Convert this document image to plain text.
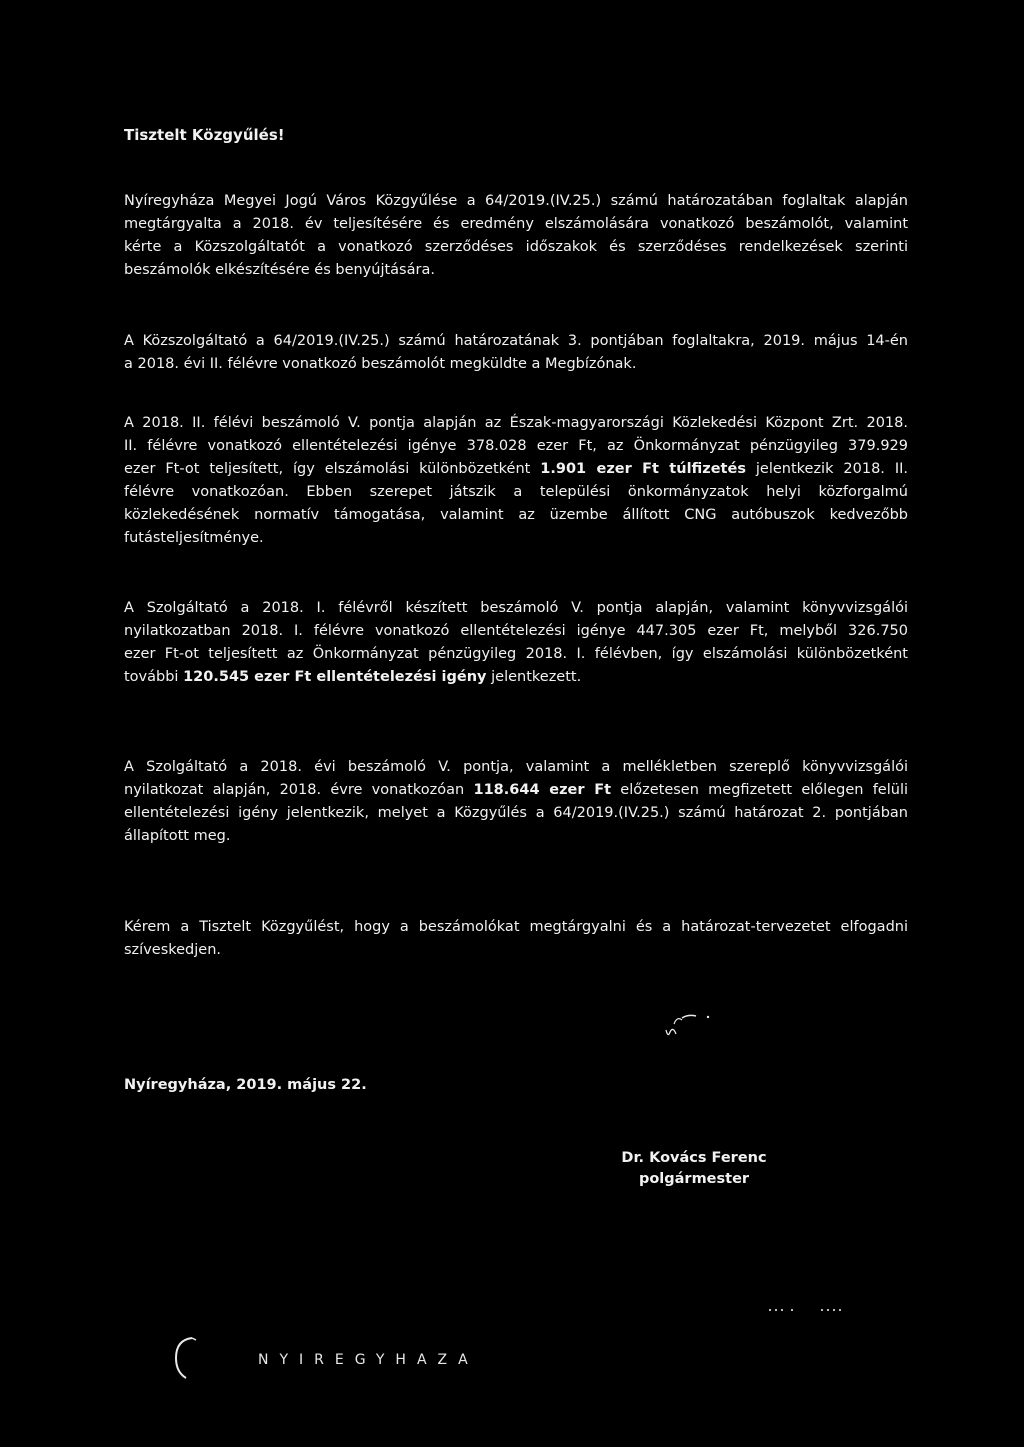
Tisztelt Közgyűlés!
Nyíregyháza Megyei Jogú Város Közgyűlése a 64/2019.(IV.25.) számú határozatában foglaltak alapján
megtárgyalta a 2018. év teljesítésére és eredmény elszámolására vonatkozó beszámolót, valamint
kérte a Közszolgáltatót a vonatkozó szerződéses időszakok és szerződéses rendelkezések szerinti
beszámolók elkészítésére és benyújtására.
A Közszolgáltató a 64/2019.(IV.25.) számú határozatának 3. pontjában foglaltakra, 2019. május 14-én
a 2018. évi II. félévre vonatkozó beszámolót megküldte a Megbízónak.
A 2018. II. félévi beszámoló V. pontja alapján az Észak-magyarországi Közlekedési Központ Zrt. 2018.
II. félévre vonatkozó ellentételezési igénye 378.028 ezer Ft, az Önkormányzat pénzügyileg 379.929
ezer Ft-ot teljesített, így elszámolási különbözetként 1.901 ezer Ft túlfizetés jelentkezik 2018. II.
félévre vonatkozóan. Ebben szerepet játszik a települési önkormányzatok helyi közforgalmú
közlekedésének normatív támogatása, valamint az üzembe állított CNG autóbuszok kedvezőbb
futásteljesítménye.
A Szolgáltató a 2018. I. félévről készített beszámoló V. pontja alapján, valamint könyvvizsgálói
nyilatkozatban 2018. I. félévre vonatkozó ellentételezési igénye 447.305 ezer Ft, melyből 326.750
ezer Ft-ot teljesített az Önkormányzat pénzügyileg 2018. I. félévben, így elszámolási különbözetként
további 120.545 ezer Ft ellentételezési igény jelentkezett.
A Szolgáltató a 2018. évi beszámoló V. pontja, valamint a mellékletben szereplő könyvvizsgálói
nyilatkozat alapján, 2018. évre vonatkozóan 118.644 ezer Ft előzetesen megfizetett előlegen felüli
ellentételezési igény jelentkezik, melyet a Közgyűlés a 64/2019.(IV.25.) számú határozat 2. pontjában
állapított meg.
Kérem a Tisztelt Közgyűlést, hogy a beszámolókat megtárgyalni és a határozat-tervezetet elfogadni
szíveskedjen.
Nyíregyháza, 2019. május 22.
Dr. Kovács Ferenc
polgármester
NYIREGYHAZA
